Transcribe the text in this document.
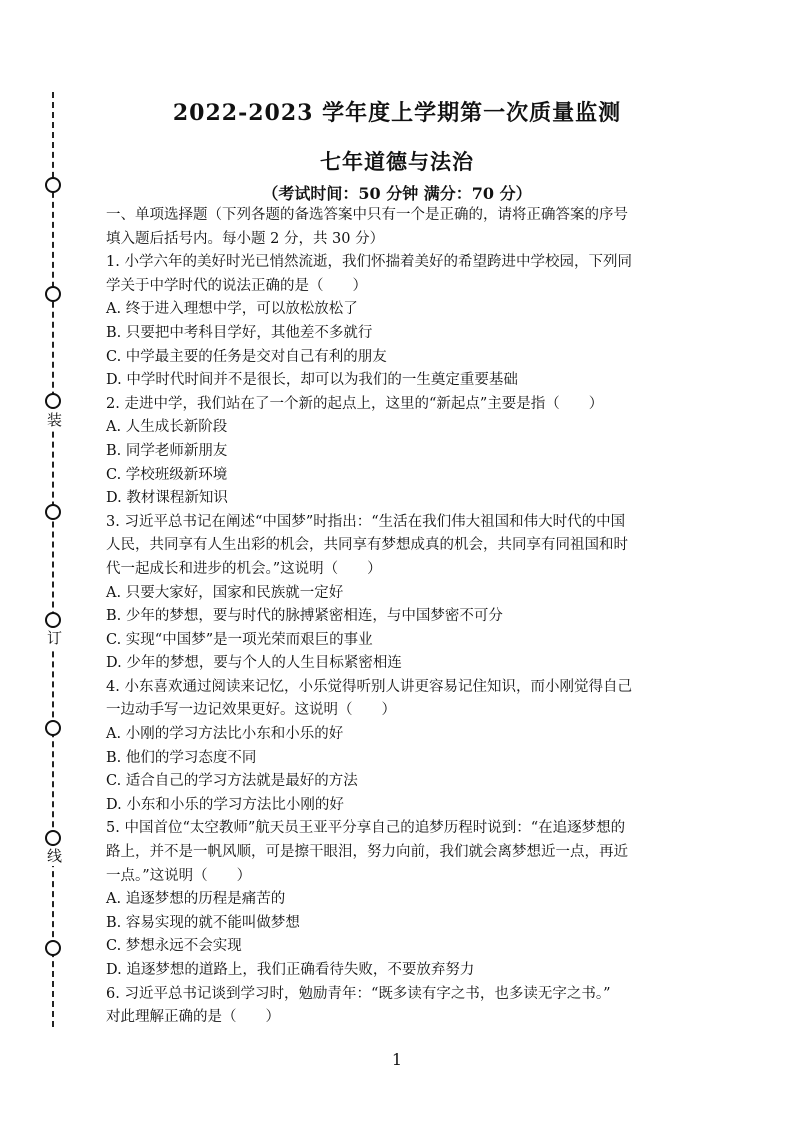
装
订
线
2022-2023 学年度上学期第一次质量监测
七年道德与法治
（考试时间：50 分钟 满分：70 分）

一、单项选择题（下列各题的备选答案中只有一个是正确的，请将正确答案的序号

填入题后括号内。每小题 2 分，共 30 分）

1. 小学六年的美好时光已悄然流逝，我们怀揣着美好的希望跨进中学校园，下列同

学关于中学时代的说法正确的是（　　）

A. 终于进入理想中学，可以放松放松了

B. 只要把中考科目学好，其他差不多就行

C. 中学最主要的任务是交对自己有利的朋友

D. 中学时代时间并不是很长，却可以为我们的一生奠定重要基础

2. 走进中学，我们站在了一个新的起点上，这里的“新起点”主要是指（　　）

A. 人生成长新阶段

B. 同学老师新朋友

C. 学校班级新环境

D. 教材课程新知识

3. 习近平总书记在阐述“中国梦”时指出：“生活在我们伟大祖国和伟大时代的中国

人民，共同享有人生出彩的机会，共同享有梦想成真的机会，共同享有同祖国和时

代一起成长和进步的机会。”这说明（　　）

A. 只要大家好，国家和民族就一定好

B. 少年的梦想，要与时代的脉搏紧密相连，与中国梦密不可分

C. 实现“中国梦”是一项光荣而艰巨的事业

D. 少年的梦想，要与个人的人生目标紧密相连

4. 小东喜欢通过阅读来记忆，小乐觉得听别人讲更容易记住知识，而小刚觉得自己

一边动手写一边记效果更好。这说明（　　）

A. 小刚的学习方法比小东和小乐的好

B. 他们的学习态度不同

C. 适合自己的学习方法就是最好的方法

D. 小东和小乐的学习方法比小刚的好

5. 中国首位“太空教师”航天员王亚平分享自己的追梦历程时说到：“在追逐梦想的

路上，并不是一帆风顺，可是擦干眼泪，努力向前，我们就会离梦想近一点，再近

一点。”这说明（　　）

A. 追逐梦想的历程是痛苦的

B. 容易实现的就不能叫做梦想

C. 梦想永远不会实现

D. 追逐梦想的道路上，我们正确看待失败，不要放弃努力

6. 习近平总书记谈到学习时，勉励青年：“既多读有字之书，也多读无字之书。”

对此理解正确的是（　　）

1
